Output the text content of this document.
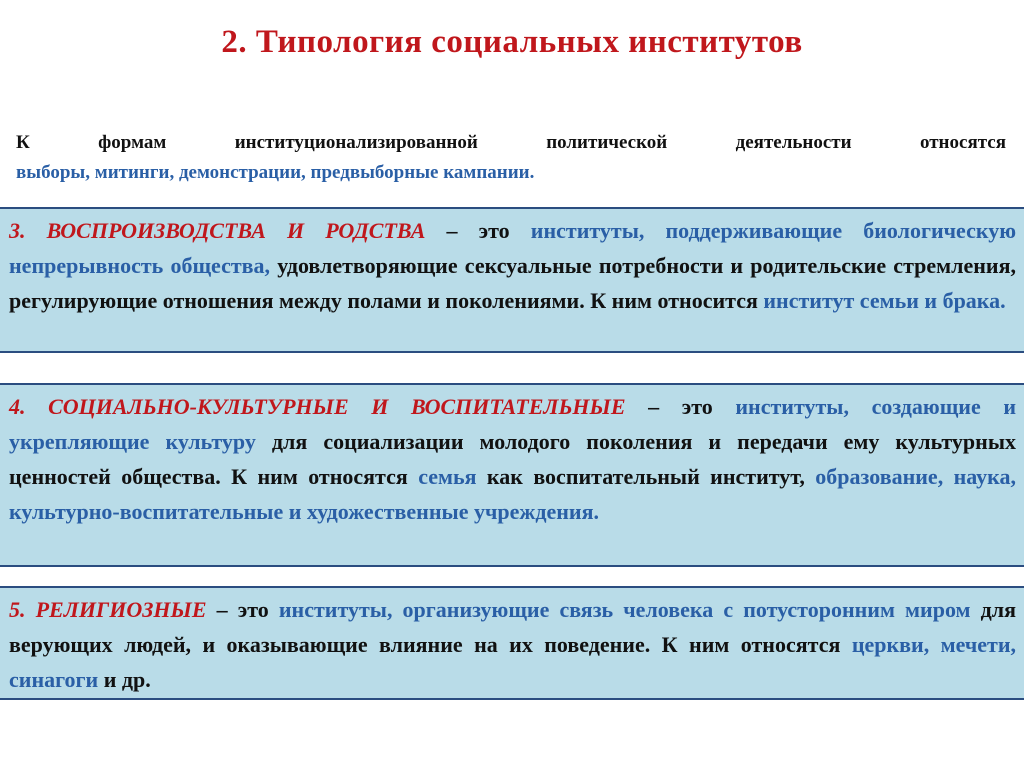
2. Типология социальных институтов
К формам институционализированной политической деятельности относятся
выборы, митинги, демонстрации, предвыборные кампании.
3. ВОСПРОИЗВОДСТВА И РОДСТВА – это институты, поддерживающие биологическую непрерывность общества, удовлетворяющие сексуальные потребности и родительские стремления, регулирующие отношения между полами и поколениями. К ним относится институт семьи и брака.
4. СОЦИАЛЬНО-КУЛЬТУРНЫЕ И ВОСПИТАТЕЛЬНЫЕ – это институты, создающие и укрепляющие культуру для социализации молодого поколения и передачи ему культурных ценностей общества. К ним относятся семья как воспитательный институт, образование, наука, культурно-воспитательные и художественные учреждения.
5. РЕЛИГИОЗНЫЕ – это институты, организующие связь человека с потусторонним миром для верующих людей, и оказывающие влияние на их поведение. К ним относятся церкви, мечети, синагоги и др.
